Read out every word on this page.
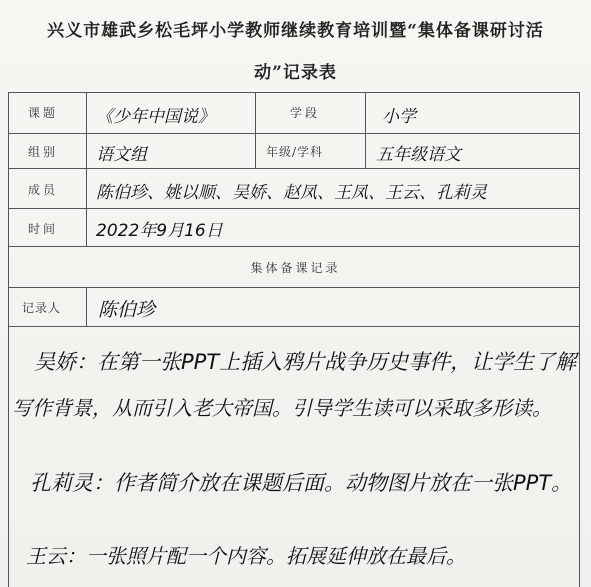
兴义市雄武乡松毛坪小学教师继续教育培训暨“集体备课研讨活
动”记录表
课题 《少年中国说》	学段	小学
组别 语文组	年级/学科	五年级语文
成员 陈伯珍、姚以顺、吴娇、赵凤、王凤、王云、孔莉灵
时间 2022年9月16日
集体备课记录
记录人 陈伯珍
吴娇：在第一张PPT上插入鸦片战争历史事件，让学生了解
写作背景，从而引入老大帝国。引导学生读可以采取多形读。
孔莉灵：作者简介放在课题后面。动物图片放在一张PPT。
王云：一张照片配一个内容。拓展延伸放在最后。
